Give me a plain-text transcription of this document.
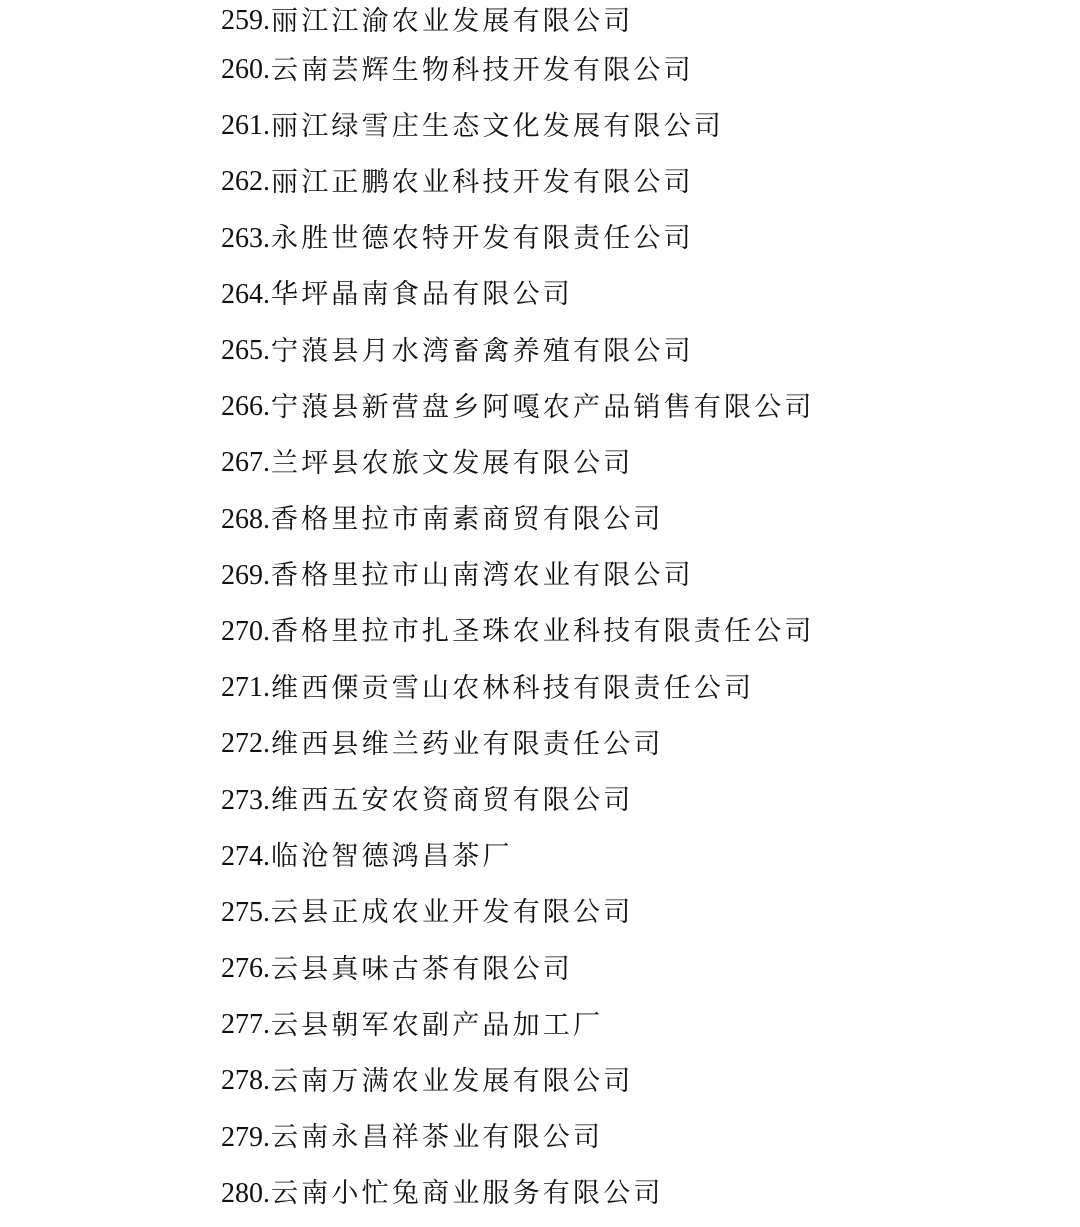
259 . 丽江江渝农业发展有限公司
260 . 云南芸辉生物科技开发有限公司
261 . 丽江绿雪庄生态文化发展有限公司
262 . 丽江正鹏农业科技开发有限公司
263 . 永胜世德农特开发有限责任公司
264 . 华坪晶南食品有限公司
265 . 宁蒗县月水湾畜禽养殖有限公司
266 . 宁蒗县新营盘乡阿嘎农产品销售有限公司
267 . 兰坪县农旅文发展有限公司
268 . 香格里拉市南素商贸有限公司
269 . 香格里拉市山南湾农业有限公司
270 . 香格里拉市扎圣珠农业科技有限责任公司
271 . 维西傈贡雪山农林科技有限责任公司
272 . 维西县维兰药业有限责任公司
273 . 维西五安农资商贸有限公司
274 . 临沧智德鸿昌茶厂
275 . 云县正成农业开发有限公司
276 . 云县真味古茶有限公司
277 . 云县朝军农副产品加工厂
278 . 云南万满农业发展有限公司
279 . 云南永昌祥茶业有限公司
280 . 云南小忙兔商业服务有限公司
